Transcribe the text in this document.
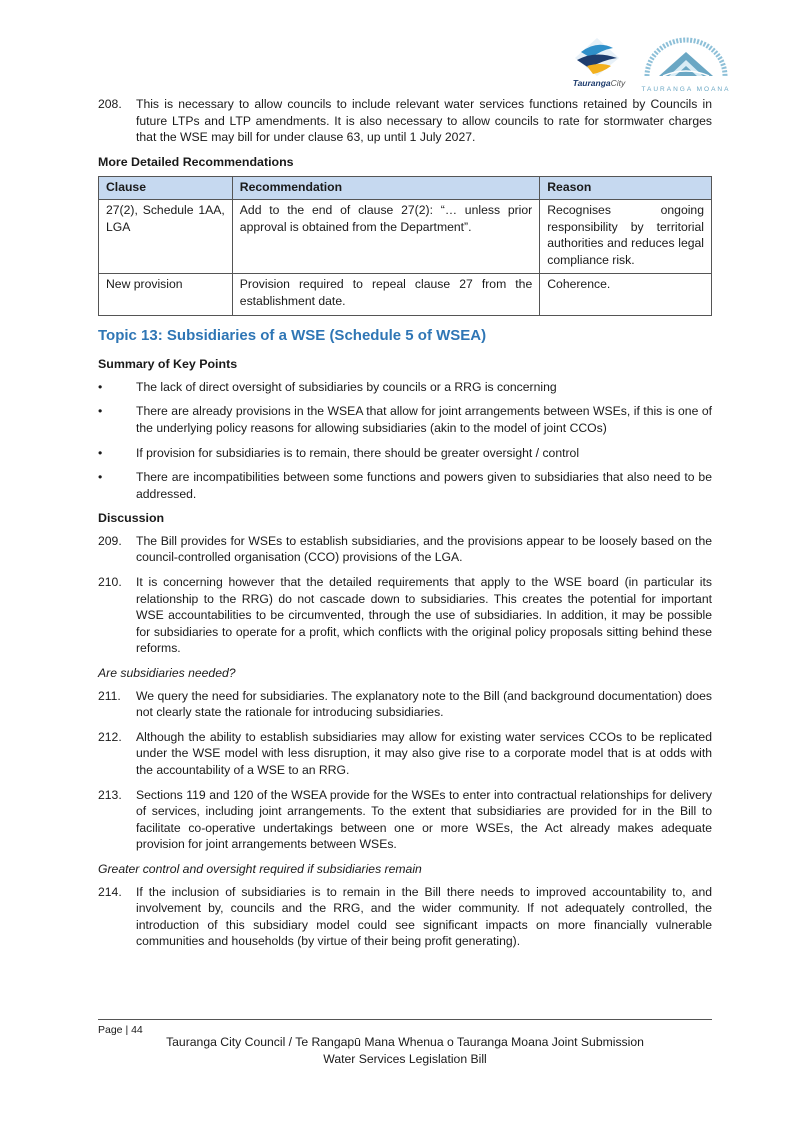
TaurangaCity
TAURANGA MOANA
208. This is necessary to allow councils to include relevant water services functions retained by Councils in future LTPs and LTP amendments. It is also necessary to allow councils to rate for stormwater charges that the WSE may bill for under clause 63, up until 1 July 2027.
More Detailed Recommendations
Clause	Recommendation	Reason
27(2), Schedule 1AA, LGA	Add to the end of clause 27(2): “… unless prior approval is obtained from the Department”.	Recognises ongoing responsibility by territorial authorities and reduces legal compliance risk.
New provision	Provision required to repeal clause 27 from the establishment date.	Coherence.
Topic 13: Subsidiaries of a WSE (Schedule 5 of WSEA)
Summary of Key Points
•	The lack of direct oversight of subsidiaries by councils or a RRG is concerning
•	There are already provisions in the WSEA that allow for joint arrangements between WSEs, if this is one of the underlying policy reasons for allowing subsidiaries (akin to the model of joint CCOs)
•	If provision for subsidiaries is to remain, there should be greater oversight / control
•	There are incompatibilities between some functions and powers given to subsidiaries that also need to be addressed.
Discussion
209. The Bill provides for WSEs to establish subsidiaries, and the provisions appear to be loosely based on the council-controlled organisation (CCO) provisions of the LGA.
210. It is concerning however that the detailed requirements that apply to the WSE board (in particular its relationship to the RRG) do not cascade down to subsidiaries. This creates the potential for important WSE accountabilities to be circumvented, through the use of subsidiaries. In addition, it may be possible for subsidiaries to operate for a profit, which conflicts with the original policy proposals sitting behind these reforms.
Are subsidiaries needed?
211. We query the need for subsidiaries. The explanatory note to the Bill (and background documentation) does not clearly state the rationale for introducing subsidiaries.
212. Although the ability to establish subsidiaries may allow for existing water services CCOs to be replicated under the WSE model with less disruption, it may also give rise to a corporate model that is at odds with the accountability of a WSE to an RRG.
213. Sections 119 and 120 of the WSEA provide for the WSEs to enter into contractual relationships for delivery of services, including joint arrangements. To the extent that subsidiaries are provided for in the Bill to facilitate co-operative undertakings between one or more WSEs, the Act already makes adequate provision for joint arrangements between WSEs.
Greater control and oversight required if subsidiaries remain
214. If the inclusion of subsidiaries is to remain in the Bill there needs to improved accountability to, and involvement by, councils and the RRG, and the wider community. If not adequately controlled, the introduction of this subsidiary model could see significant impacts on more financially vulnerable communities and households (by virtue of their being profit generating).
Page | 44
Tauranga City Council / Te Rangapū Mana Whenua o Tauranga Moana Joint Submission
Water Services Legislation Bill
